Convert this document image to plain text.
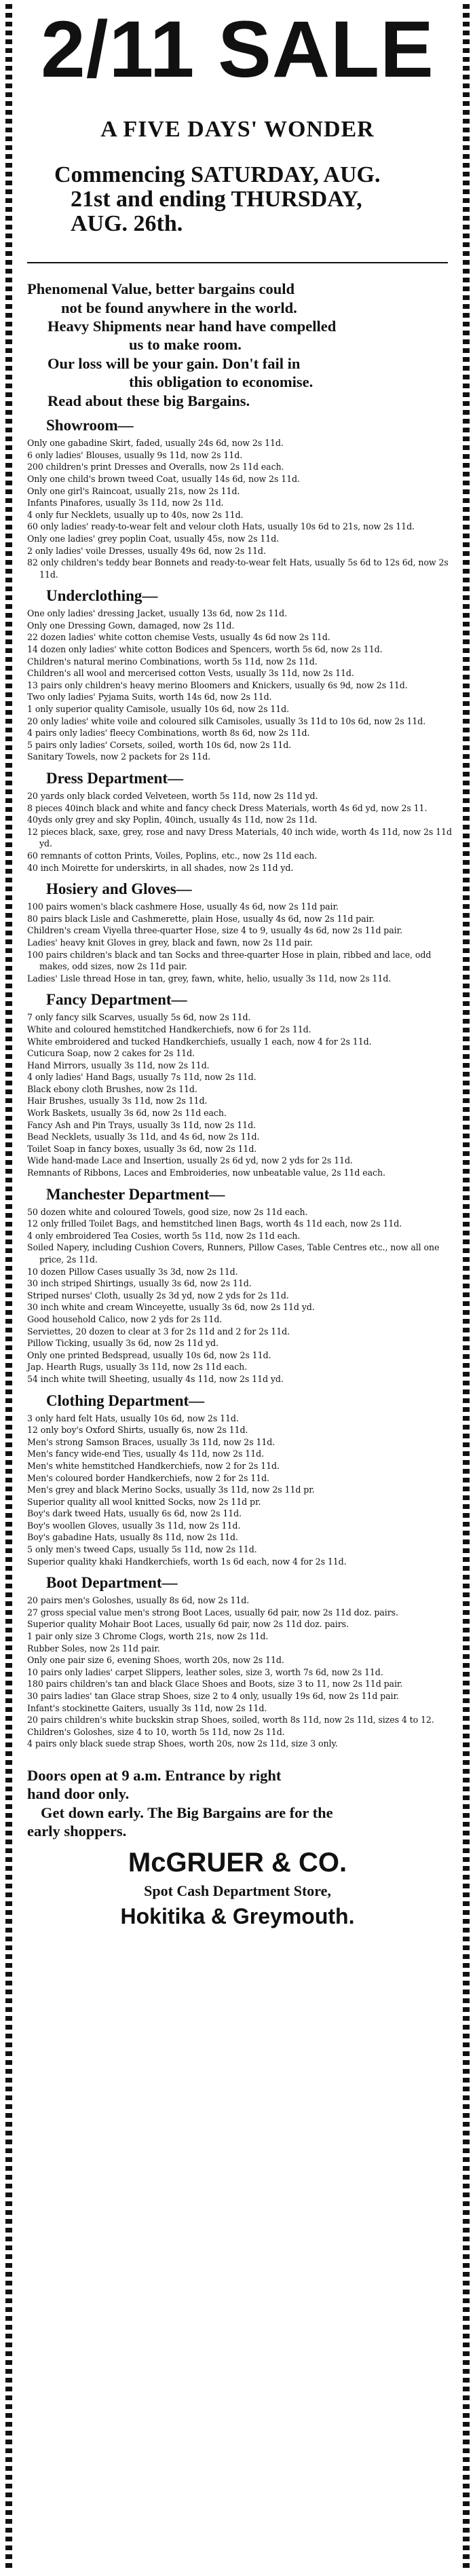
2/11 SALE
A FIVE DAYS' WONDER
Commencing SATURDAY, AUG.
21st and ending THURSDAY,
AUG. 26th.

Phenomenal Value, better bargains could

not be found anywhere in the world.

Heavy Shipments near hand have compelled

us to make room.

Our loss will be your gain. Don't fail in

this obligation to economise.

Read about these big Bargains.

Showroom—

Only one gabadine Skirt, faded, usually 24s 6d, now 2s 11d.

6 only ladies' Blouses, usually 9s 11d, now 2s 11d.

200 children's print Dresses and Overalls, now 2s 11d each.

Only one child's brown tweed Coat, usually 14s 6d, now 2s 11d.

Only one girl's Raincoat, usually 21s, now 2s 11d.

Infants Pinafores, usually 3s 11d, now 2s 11d.

4 only fur Necklets, usually up to 40s, now 2s 11d.

60 only ladies' ready-to-wear felt and velour cloth Hats, usually 10s 6d to 21s, now 2s 11d.

Only one ladies' grey poplin Coat, usually 45s, now 2s 11d.

2 only ladies' voile Dresses, usually 49s 6d, now 2s 11d.

82 only children's teddy bear Bonnets and ready-to-wear felt Hats, usually 5s 6d to 12s 6d, now 2s 11d.

Underclothing—

One only ladies' dressing Jacket, usually 13s 6d, now 2s 11d.

Only one Dressing Gown, damaged, now 2s 11d.

22 dozen ladies' white cotton chemise Vests, usually 4s 6d now 2s 11d.

14 dozen only ladies' white cotton Bodices and Spencers, worth 5s 6d, now 2s 11d.

Children's natural merino Combinations, worth 5s 11d, now 2s 11d.

Children's all wool and mercerised cotton Vests, usually 3s 11d, now 2s 11d.

13 pairs only children's heavy merino Bloomers and Knickers, usually 6s 9d, now 2s 11d.

Two only ladies' Pyjama Suits, worth 14s 6d, now 2s 11d.

1 only superior quality Camisole, usually 10s 6d, now 2s 11d.

20 only ladies' white voile and coloured silk Camisoles, usually 3s 11d to 10s 6d, now 2s 11d.

4 pairs only ladies' fleecy Combinations, worth 8s 6d, now 2s 11d.

5 pairs only ladies' Corsets, soiled, worth 10s 6d, now 2s 11d.

Sanitary Towels, now 2 packets for 2s 11d.

Dress Department—

20 yards only black corded Velveteen, worth 5s 11d, now 2s 11d yd.

8 pieces 40inch black and white and fancy check Dress Materials, worth 4s 6d yd, now 2s 11.

40yds only grey and sky Poplin, 40inch, usually 4s 11d, now 2s 11d.

12 pieces black, saxe, grey, rose and navy Dress Materials, 40 inch wide, worth 4s 11d, now 2s 11d yd.

60 remnants of cotton Prints, Voiles, Poplins, etc., now 2s 11d each.

40 inch Moirette for underskirts, in all shades, now 2s 11d yd.

Hosiery and Gloves—

100 pairs women's black cashmere Hose, usually 4s 6d, now 2s 11d pair.

80 pairs black Lisle and Cashmerette, plain Hose, usually 4s 6d, now 2s 11d pair.

Children's cream Viyella three-quarter Hose, size 4 to 9, usually 4s 6d, now 2s 11d pair.

Ladies' heavy knit Gloves in grey, black and fawn, now 2s 11d pair.

100 pairs children's black and tan Socks and three-quarter Hose in plain, ribbed and lace, odd makes, odd sizes, now 2s 11d pair.

Ladies' Lisle thread Hose in tan, grey, fawn, white, helio, usually 3s 11d, now 2s 11d.

Fancy Department—

7 only fancy silk Scarves, usually 5s 6d, now 2s 11d.

White and coloured hemstitched Handkerchiefs, now 6 for 2s 11d.

White embroidered and tucked Handkerchiefs, usually 1 each, now 4 for 2s 11d.

Cuticura Soap, now 2 cakes for 2s 11d.

Hand Mirrors, usually 3s 11d, now 2s 11d.

4 only ladies' Hand Bags, usually 7s 11d, now 2s 11d.

Black ebony cloth Brushes, now 2s 11d.

Hair Brushes, usually 3s 11d, now 2s 11d.

Work Baskets, usually 3s 6d, now 2s 11d each.

Fancy Ash and Pin Trays, usually 3s 11d, now 2s 11d.

Bead Necklets, usually 3s 11d, and 4s 6d, now 2s 11d.

Toilet Soap in fancy boxes, usually 3s 6d, now 2s 11d.

Wide hand-made Lace and Insertion, usually 2s 6d yd, now 2 yds for 2s 11d.

Remnants of Ribbons, Laces and Embroideries, now unbeatable value, 2s 11d each.

Manchester Department—

50 dozen white and coloured Towels, good size, now 2s 11d each.

12 only frilled Toilet Bags, and hemstitched linen Bags, worth 4s 11d each, now 2s 11d.

4 only embroidered Tea Cosies, worth 5s 11d, now 2s 11d each.

Soiled Napery, including Cushion Covers, Runners, Pillow Cases, Table Centres etc., now all one price, 2s 11d.

10 dozen Pillow Cases usually 3s 3d, now 2s 11d.

30 inch striped Shirtings, usually 3s 6d, now 2s 11d.

Striped nurses' Cloth, usually 2s 3d yd, now 2 yds for 2s 11d.

30 inch white and cream Winceyette, usually 3s 6d, now 2s 11d yd.

Good household Calico, now 2 yds for 2s 11d.

Serviettes, 20 dozen to clear at 3 for 2s 11d and 2 for 2s 11d.

Pillow Ticking, usually 3s 6d, now 2s 11d yd.

Only one printed Bedspread, usually 10s 6d, now 2s 11d.

Jap. Hearth Rugs, usually 3s 11d, now 2s 11d each.

54 inch white twill Sheeting, usually 4s 11d, now 2s 11d yd.

Clothing Department—

3 only hard felt Hats, usually 10s 6d, now 2s 11d.

12 only boy's Oxford Shirts, usually 6s, now 2s 11d.

Men's strong Samson Braces, usually 3s 11d, now 2s 11d.

Men's fancy wide-end Ties, usually 4s 11d, now 2s 11d.

Men's white hemstitched Handkerchiefs, now 2 for 2s 11d.

Men's coloured border Handkerchiefs, now 2 for 2s 11d.

Men's grey and black Merino Socks, usually 3s 11d, now 2s 11d pr.

Superior quality all wool knitted Socks, now 2s 11d pr.

Boy's dark tweed Hats, usually 6s 6d, now 2s 11d.

Boy's woollen Gloves, usually 3s 11d, now 2s 11d.

Boy's gabadine Hats, usually 8s 11d, now 2s 11d.

5 only men's tweed Caps, usually 5s 11d, now 2s 11d.

Superior quality khaki Handkerchiefs, worth 1s 6d each, now 4 for 2s 11d.

Boot Department—

20 pairs men's Goloshes, usually 8s 6d, now 2s 11d.

27 gross special value men's strong Boot Laces, usually 6d pair, now 2s 11d doz. pairs.

Superior quality Mohair Boot Laces, usually 6d pair, now 2s 11d doz. pairs.

1 pair only size 3 Chrome Clogs, worth 21s, now 2s 11d.

Rubber Soles, now 2s 11d pair.

Only one pair size 6, evening Shoes, worth 20s, now 2s 11d.

10 pairs only ladies' carpet Slippers, leather soles, size 3, worth 7s 6d, now 2s 11d.

180 pairs children's tan and black Glace Shoes and Boots, size 3 to 11, now 2s 11d pair.

30 pairs ladies' tan Glace strap Shoes, size 2 to 4 only, usually 19s 6d, now 2s 11d pair.

Infant's stockinette Gaiters, usually 3s 11d, now 2s 11d.

20 pairs children's white buckskin strap Shoes, soiled, worth 8s 11d, now 2s 11d, sizes 4 to 12.

Children's Goloshes, size 4 to 10, worth 5s 11d, now 2s 11d.

4 pairs only black suede strap Shoes, worth 20s, now 2s 11d, size 3 only.

Doors open at 9 a.m. Entrance by right

hand door only.

Get down early. The Big Bargains are for the

early shoppers.

McGRUER & CO.
Spot Cash Department Store,
Hokitika & Greymouth.
